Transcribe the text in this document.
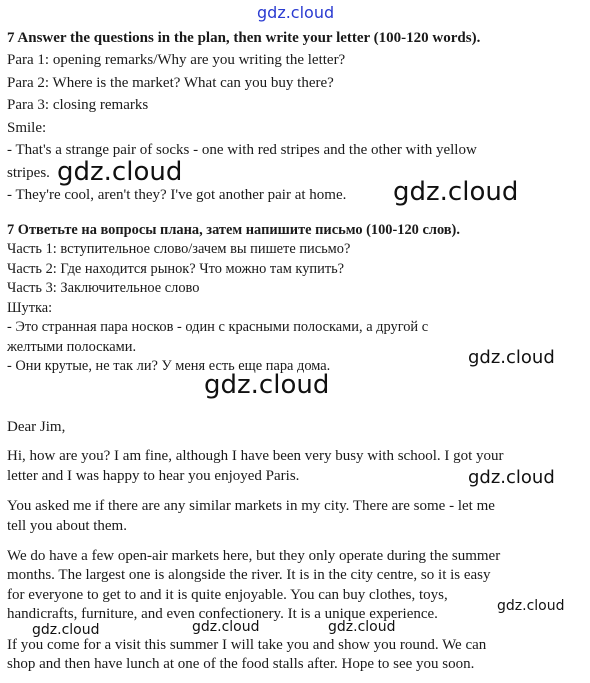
7 Answer the questions in the plan, then write your letter (100-120 words).
Para 1: opening remarks/Why are you writing the letter?
Para 2: Where is the market? What can you buy there?
Para 3: closing remarks
Smile:
- That's a strange pair of socks - one with red stripes and the other with yellow
stripes.
- They're cool, aren't they? I've got another pair at home.
7 Ответьте на вопросы плана, затем напишите письмо (100-120 слов).
Часть 1: вступительное слово/зачем вы пишете письмо?
Часть 2: Где находится рынок? Что можно там купить?
Часть 3: Заключительное слово
Шутка:
- Это странная пара носков - один с красными полосками, а другой с
желтыми полосками.
- Они крутые, не так ли? У меня есть еще пара дома.
Dear Jim,
Hi, how are you? I am fine, although I have been very busy with school. I got your
letter and I was happy to hear you enjoyed Paris.
You asked me if there are any similar markets in my city. There are some - let me
tell you about them.
We do have a few open-air markets here, but they only operate during the summer
months. The largest one is alongside the river. It is in the city centre, so it is easy
for everyone to get to and it is quite enjoyable. You can buy clothes, toys,
handicrafts, furniture, and even confectionery. It is a unique experience.
If you come for a visit this summer I will take you and show you round. We can
shop and then have lunch at one of the food stalls after. Hope to see you soon.
gdz.cloud
gdz.cloud
gdz.cloud
gdz.cloud
gdz.cloud
gdz.cloud
gdz.cloud
gdz.cloud	gdz.cloud	gdz.cloud
